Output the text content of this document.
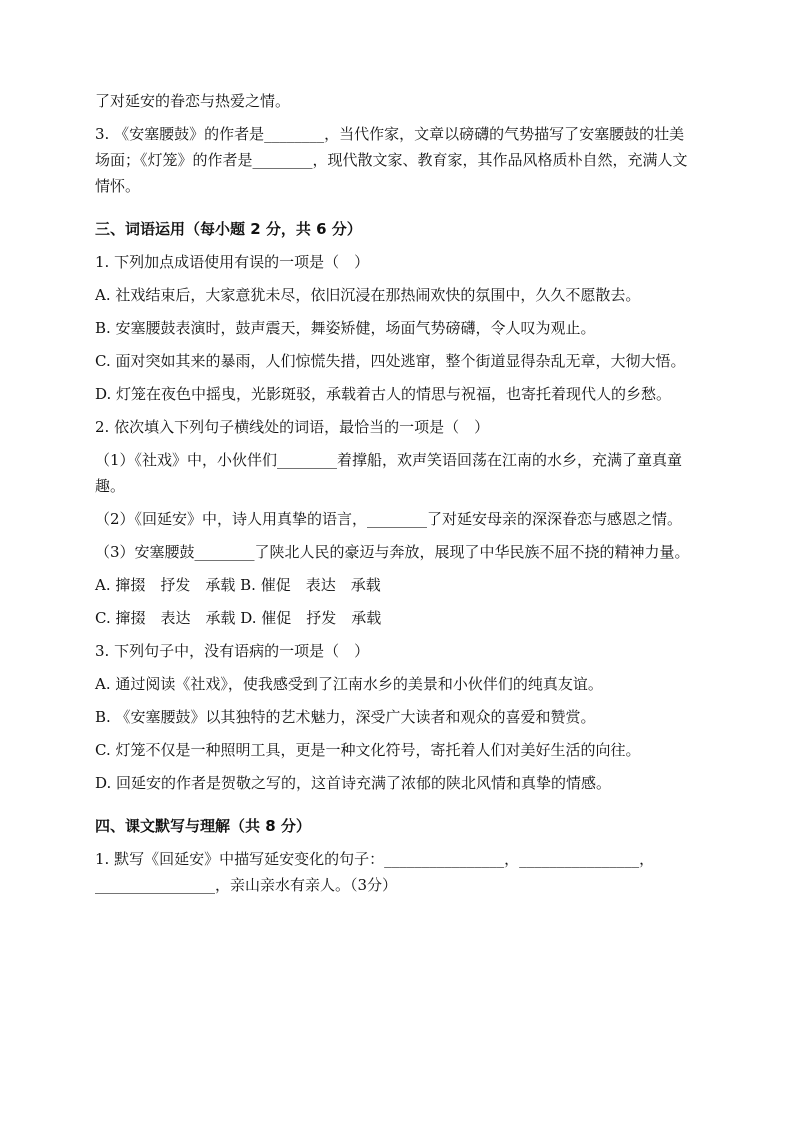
了对延安的眷恋与热爱之情。

3. 《安塞腰鼓》的作者是________，当代作家，文章以磅礴的气势描写了安塞腰鼓的壮美场面；《灯笼》的作者是________，现代散文家、教育家，其作品风格质朴自然，充满人文情怀。

三、词语运用（每小题 2 分，共 6 分）

1. 下列加点成语使用有误的一项是（　）

A. 社戏结束后，大家意犹未尽，依旧沉浸在那热闹欢快的氛围中，久久不愿散去。

B. 安塞腰鼓表演时，鼓声震天，舞姿矫健，场面气势磅礴，令人叹为观止。

C. 面对突如其来的暴雨，人们惊慌失措，四处逃窜，整个街道显得杂乱无章，大彻大悟。

D. 灯笼在夜色中摇曳，光影斑驳，承载着古人的情思与祝福，也寄托着现代人的乡愁。

2. 依次填入下列句子横线处的词语，最恰当的一项是（　）

（1）《社戏》中，小伙伴们________着撑船，欢声笑语回荡在江南的水乡，充满了童真童趣。

（2）《回延安》中，诗人用真挚的语言，________了对延安母亲的深深眷恋与感恩之情。

（3）安塞腰鼓________了陕北人民的豪迈与奔放，展现了中华民族不屈不挠的精神力量。

A. 撺掇　抒发　承载 B. 催促　表达　承载

C. 撺掇　表达　承载 D. 催促　抒发　承载

3. 下列句子中，没有语病的一项是（　）

A. 通过阅读《社戏》，使我感受到了江南水乡的美景和小伙伴们的纯真友谊。

B. 《安塞腰鼓》以其独特的艺术魅力，深受广大读者和观众的喜爱和赞赏。

C. 灯笼不仅是一种照明工具，更是一种文化符号，寄托着人们对美好生活的向往。

D. 回延安的作者是贺敬之写的，这首诗充满了浓郁的陕北风情和真挚的情感。

四、课文默写与理解（共 8 分）

1. 默写《回延安》中描写延安变化的句子：________________，________________，________________，亲山亲水有亲人。（3分）
